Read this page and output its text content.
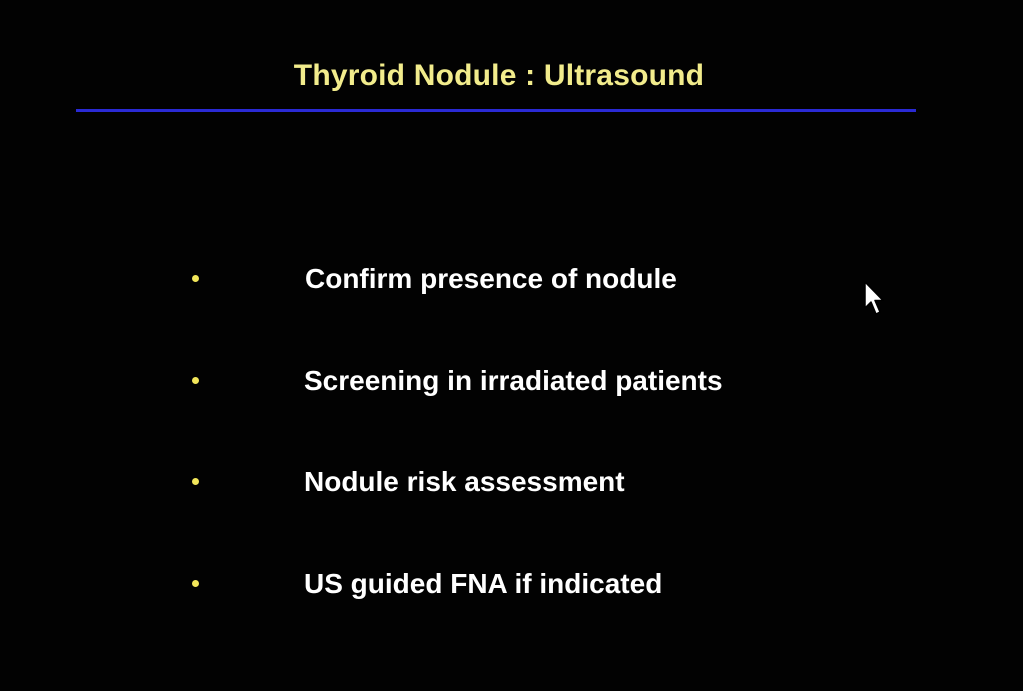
Thyroid Nodule : Ultrasound
Confirm presence of nodule
Screening in irradiated patients
Nodule risk assessment
US guided FNA if indicated
